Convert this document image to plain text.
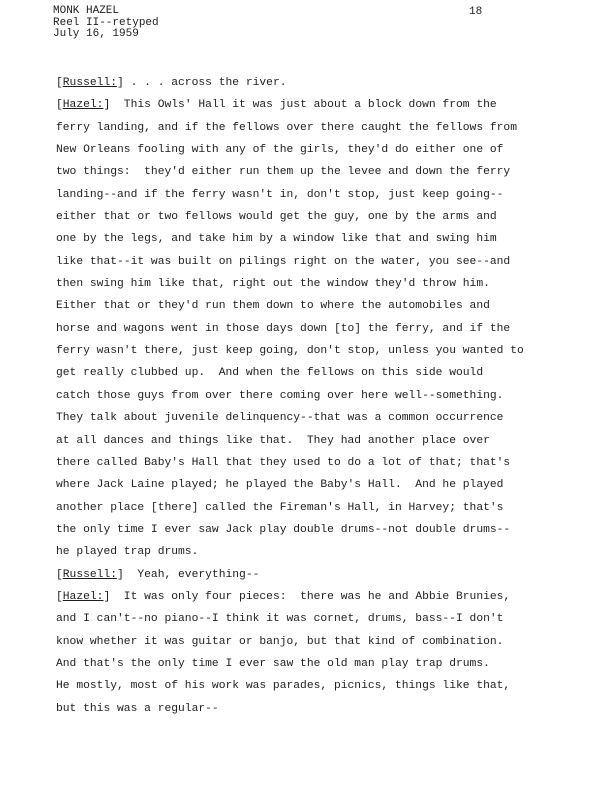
MONK HAZEL
Reel II--retyped
July 16, 1959
18
[Russell:] . . . across the river.
[Hazel:]  This Owls' Hall it was just about a block down from the
ferry landing, and if the fellows over there caught the fellows from
New Orleans fooling with any of the girls, they'd do either one of
two things:  they'd either run them up the levee and down the ferry
landing--and if the ferry wasn't in, don't stop, just keep going--
either that or two fellows would get the guy, one by the arms and
one by the legs, and take him by a window like that and swing him
like that--it was built on pilings right on the water, you see--and
then swing him like that, right out the window they'd throw him.
Either that or they'd run them down to where the automobiles and
horse and wagons went in those days down [to] the ferry, and if the
ferry wasn't there, just keep going, don't stop, unless you wanted to
get really clubbed up.  And when the fellows on this side would
catch those guys from over there coming over here well--something.
They talk about juvenile delinquency--that was a common occurrence
at all dances and things like that.  They had another place over
there called Baby's Hall that they used to do a lot of that; that's
where Jack Laine played; he played the Baby's Hall.  And he played
another place [there] called the Fireman's Hall, in Harvey; that's
the only time I ever saw Jack play double drums--not double drums--
he played trap drums.
[Russell:]  Yeah, everything--
[Hazel:]  It was only four pieces:  there was he and Abbie Brunies,
and I can't--no piano--I think it was cornet, drums, bass--I don't
know whether it was guitar or banjo, but that kind of combination.
And that's the only time I ever saw the old man play trap drums.
He mostly, most of his work was parades, picnics, things like that,
but this was a regular--
